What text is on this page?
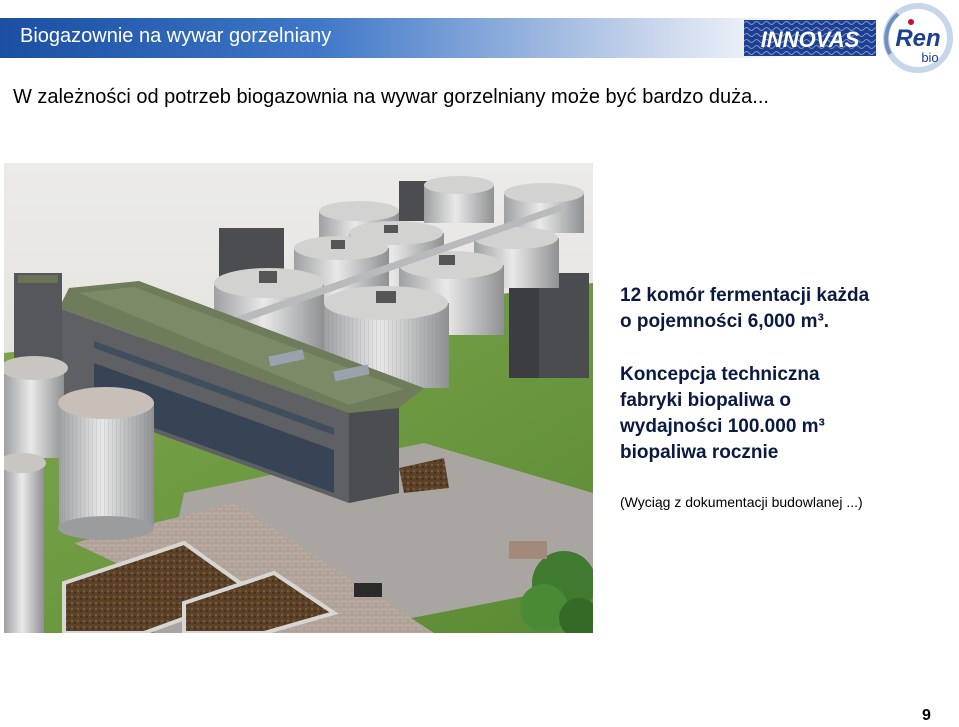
Biogazownie na wywar gorzelniany	INNOVAS Ren
bio

W zależności od potrzeb biogazownia na wywar gorzelniany może być bardzo duża...

12 komór fermentacji każda
o pojemności 6,000 m³.

Koncepcja techniczna
fabryki biopaliwa o
wydajności 100.000 m³
biopaliwa rocznie

(Wyciąg z dokumentacji budowlanej ...)

9
